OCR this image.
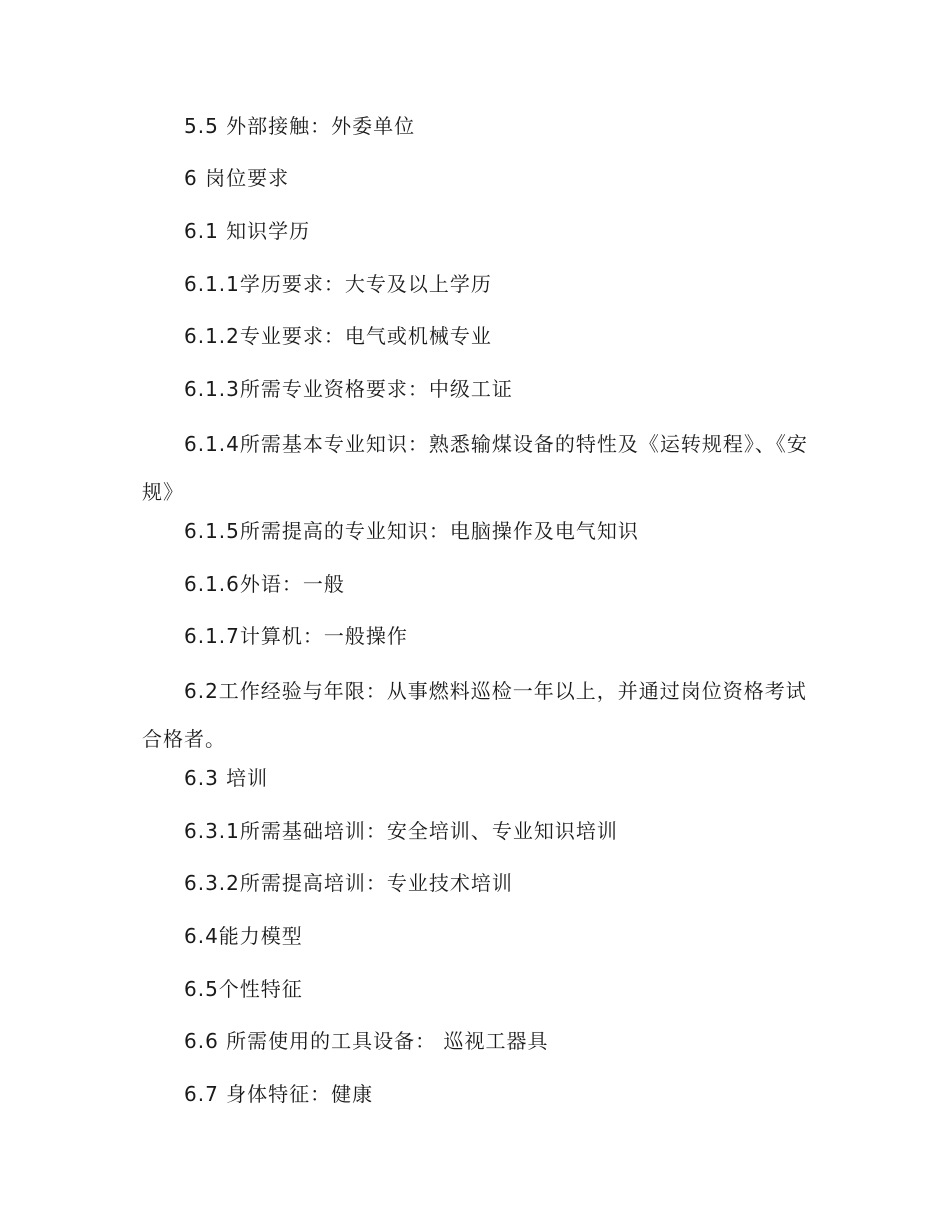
5.5 外部接触：外委单位

6 岗位要求

6.1 知识学历

6.1.1学历要求：大专及以上学历

6.1.2专业要求：电气或机械专业

6.1.3所需专业资格要求：中级工证

6.1.4所需基本专业知识：熟悉输煤设备的特性及《运转规程》、《安规》

6.1.5所需提高的专业知识：电脑操作及电气知识

6.1.6外语：一般

6.1.7计算机：一般操作

6.2工作经验与年限：从事燃料巡检一年以上，并通过岗位资格考试合格者。

6.3 培训

6.3.1所需基础培训：安全培训、专业知识培训

6.3.2所需提高培训：专业技术培训

6.4能力模型

6.5个性特征

6.6 所需使用的工具设备： 巡视工器具

6.7 身体特征：健康
